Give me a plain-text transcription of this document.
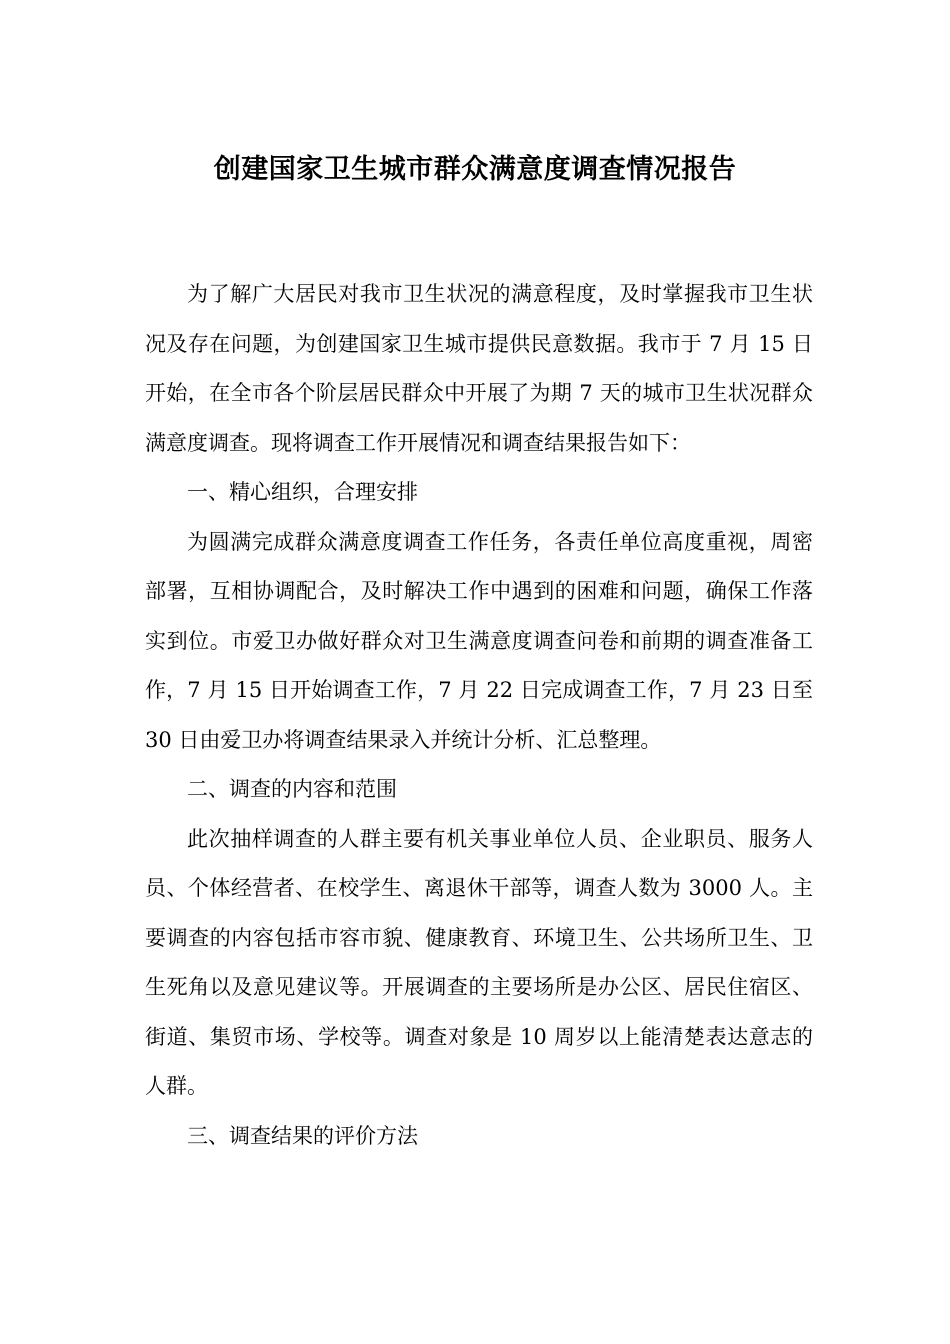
创建国家卫生城市群众满意度调查情况报告

为了解广大居民对我市卫生状况的满意程度，及时掌握我市卫生状况及存在问题，为创建国家卫生城市提供民意数据。我市于 7 月 15 日开始，在全市各个阶层居民群众中开展了为期 7 天的城市卫生状况群众满意度调查。现将调查工作开展情况和调查结果报告如下：

一、精心组织，合理安排

为圆满完成群众满意度调查工作任务，各责任单位高度重视，周密部署，互相协调配合，及时解决工作中遇到的困难和问题，确保工作落实到位。市爱卫办做好群众对卫生满意度调查问卷和前期的调查准备工作，7 月 15 日开始调查工作，7 月 22 日完成调查工作，7 月 23 日至 30 日由爱卫办将调查结果录入并统计分析、汇总整理。

二、调查的内容和范围

此次抽样调查的人群主要有机关事业单位人员、企业职员、服务人员、个体经营者、在校学生、离退休干部等，调查人数为 3000 人。主要调查的内容包括市容市貌、健康教育、环境卫生、公共场所卫生、卫生死角以及意见建议等。开展调查的主要场所是办公区、居民住宿区、街道、集贸市场、学校等。调查对象是 10 周岁以上能清楚表达意志的人群。

三、调查结果的评价方法
